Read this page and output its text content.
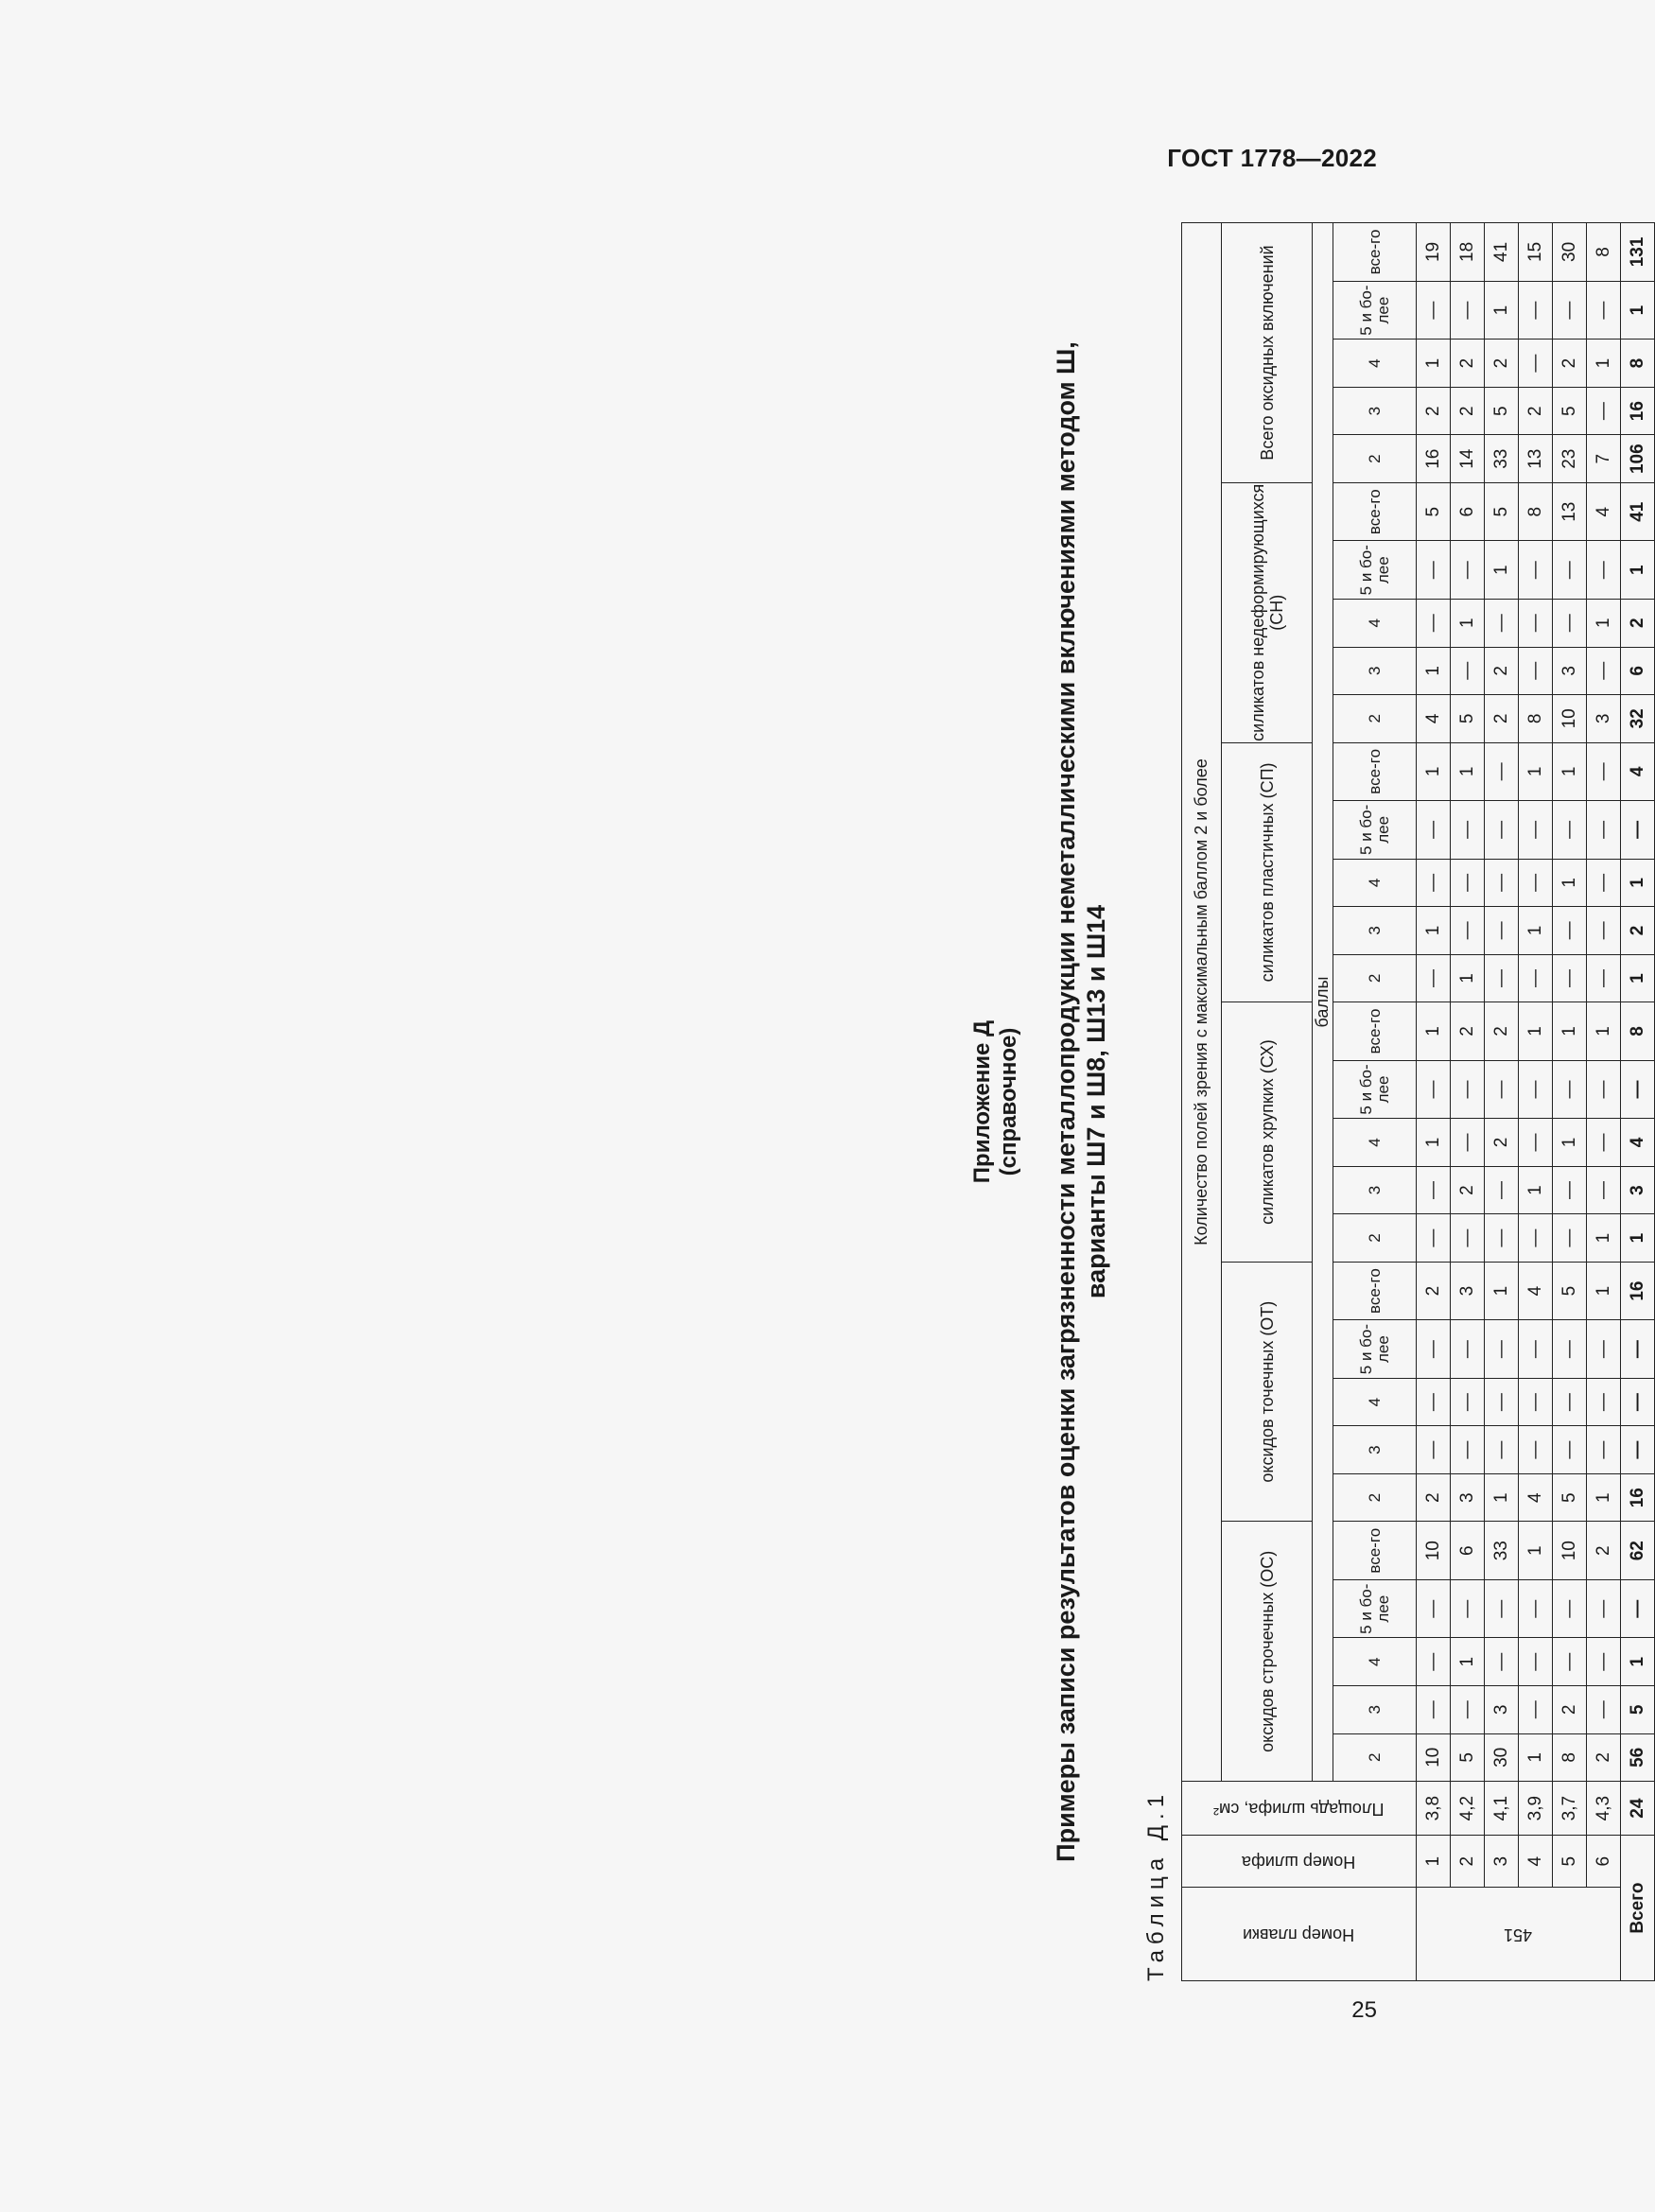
ГОСТ 1778—2022
25
Приложение Д (справочное) Примеры записи результатов оценки загрязненности металлопродукции неметаллическими включениями методом Ш, варианты Ш7 и Ш8, Ш13 и Ш14
Таблица Д.1	Номер плавки	Номер шлифа	Площадь шлифа, см²	Количество полей зрения с максимальным баллом 2 и более																													
			оксидов строчечных (ОС)					оксидов точечных (ОТ)					силикатов хрупких (СХ)					силикатов пластичных (СП)					силикатов недеформирующихся (СН)					Всего оксидных включений				
			баллы																													
			2	3	4	5 и бо-лее	все-го	2	3	4	5 и бо-лее	все-го	2	3	4	5 и бо-лее	все-го	2	3	4	5 и бо-лее	все-го	2	3	4	5 и бо-лее	все-го	2	3	4	5 и бо-лее	все-го

451	1	3,8	10	—	—	—	10	2	—	—	—	2	—	—	1	—	1	—	1	—	—	1	4	1	—	—	5	16	2	1	—	19
	2	4,2	5	—	1	—	6	3	—	—	—	3	—	2	—	—	2	1	—	—	—	1	5	—	1	—	6	14	2	2	—	18
	3	4,1	30	3	—	—	33	1	—	—	—	1	—	—	2	—	2	—	—	—	—	—	2	2	—	1	5	33	5	2	1	41
	4	3,9	1	—	—	—	1	4	—	—	—	4	—	1	—	—	1	—	1	—	—	1	8	—	—	—	8	13	2	—	—	15
	5	3,7	8	2	—	—	10	5	—	—	—	5	—	—	1	—	1	—	—	1	—	1	10	3	—	—	13	23	5	2	—	30
	6	4,3	2	—	—	—	2	1	—	—	—	1	1	—	—	—	1	—	—	—	—	—	3	—	1	—	4	7	—	1	—	8
Всего		24	56	5	1	—	62	16	—	—	—	16	1	3	4	—	8	1	2	1	—	4	32	6	2	1	41	106	16	8	1	131
